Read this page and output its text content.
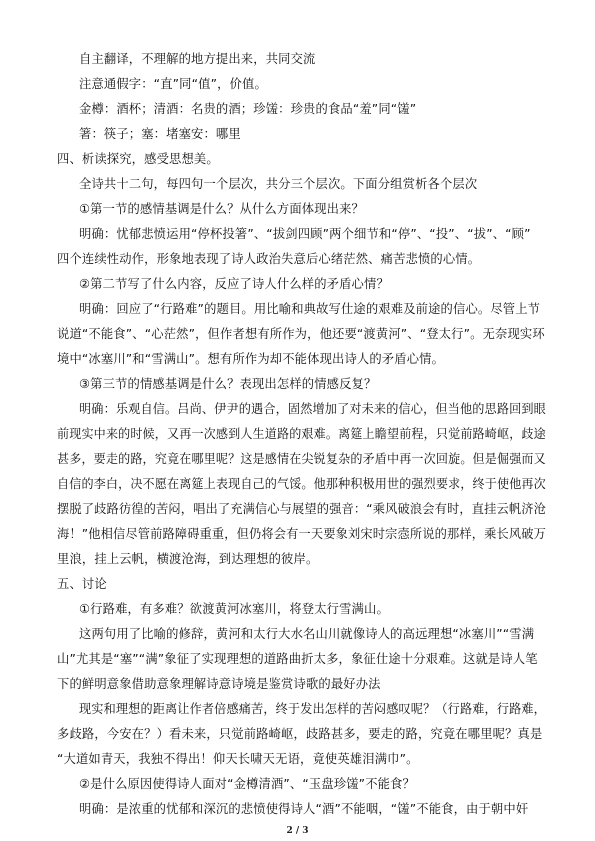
自主翻译，不理解的地方提出来，共同交流
注意通假字：“直”同“值”，价值。
金樽：酒杯；清酒：名贵的酒；珍馐：珍贵的食品“羞”同“馐”
箸：筷子；塞：堵塞安：哪里
四、析读探究，感受思想美。
全诗共十二句，每四句一个层次，共分三个层次。下面分组赏析各个层次
①第一节的感情基调是什么？从什么方面体现出来？
明确：忧郁悲愤运用“停杯投箸”、“拔剑四顾”两个细节和“停”、“投”、“拔”、“顾”
四个连续性动作，形象地表现了诗人政治失意后心绪茫然、痛苦悲愤的心情。
②第二节写了什么内容，反应了诗人什么样的矛盾心情？
明确：回应了“行路难”的题目。用比喻和典故写仕途的艰难及前途的信心。尽管上节
说道“不能食”、“心茫然”，但作者想有所作为，他还要“渡黄河”、“登太行”。无奈现实环
境中“冰塞川”和“雪满山”。想有所作为却不能体现出诗人的矛盾心情。
③第三节的情感基调是什么？表现出怎样的情感反复？
明确：乐观自信。吕尚、伊尹的遇合，固然增加了对未来的信心，但当他的思路回到眼
前现实中来的时候，又再一次感到人生道路的艰难。离筵上瞻望前程，只觉前路崎岖，歧途
甚多，要走的路，究竟在哪里呢？这是感情在尖锐复杂的矛盾中再一次回旋。但是倔强而又
自信的李白，决不愿在离筵上表现自己的气馁。他那种积极用世的强烈要求，终于使他再次
摆脱了歧路彷徨的苦闷，唱出了充满信心与展望的强音：“乘风破浪会有时，直挂云帆济沧
海！”他相信尽管前路障碍重重，但仍将会有一天要象刘宋时宗悫所说的那样，乘长风破万
里浪，挂上云帆，横渡沧海，到达理想的彼岸。
五、讨论
①行路难，有多难？欲渡黄河冰塞川，将登太行雪满山。
这两句用了比喻的修辞，黄河和太行大水名山川就像诗人的高远理想“冰塞川”“雪满
山”尤其是“塞”“满”象征了实现理想的道路曲折太多，象征仕途十分艰难。这就是诗人笔
下的鲜明意象借助意象理解诗意诗境是鉴赏诗歌的最好办法
现实和理想的距离让作者倍感痛苦，终于发出怎样的苦闷感叹呢？（行路难，行路难，
多歧路，今安在？）看未来，只觉前路崎岖，歧路甚多，要走的路，究竟在哪里呢？真是
“大道如青天，我独不得出！仰天长啸天无语，竟使英雄泪满巾”。
②是什么原因使得诗人面对“金樽清酒”、“玉盘珍馐”不能食？
明确：是浓重的忧郁和深沉的悲愤使得诗人“酒”不能咽，“馐”不能食，由于朝中奸
2 / 3
